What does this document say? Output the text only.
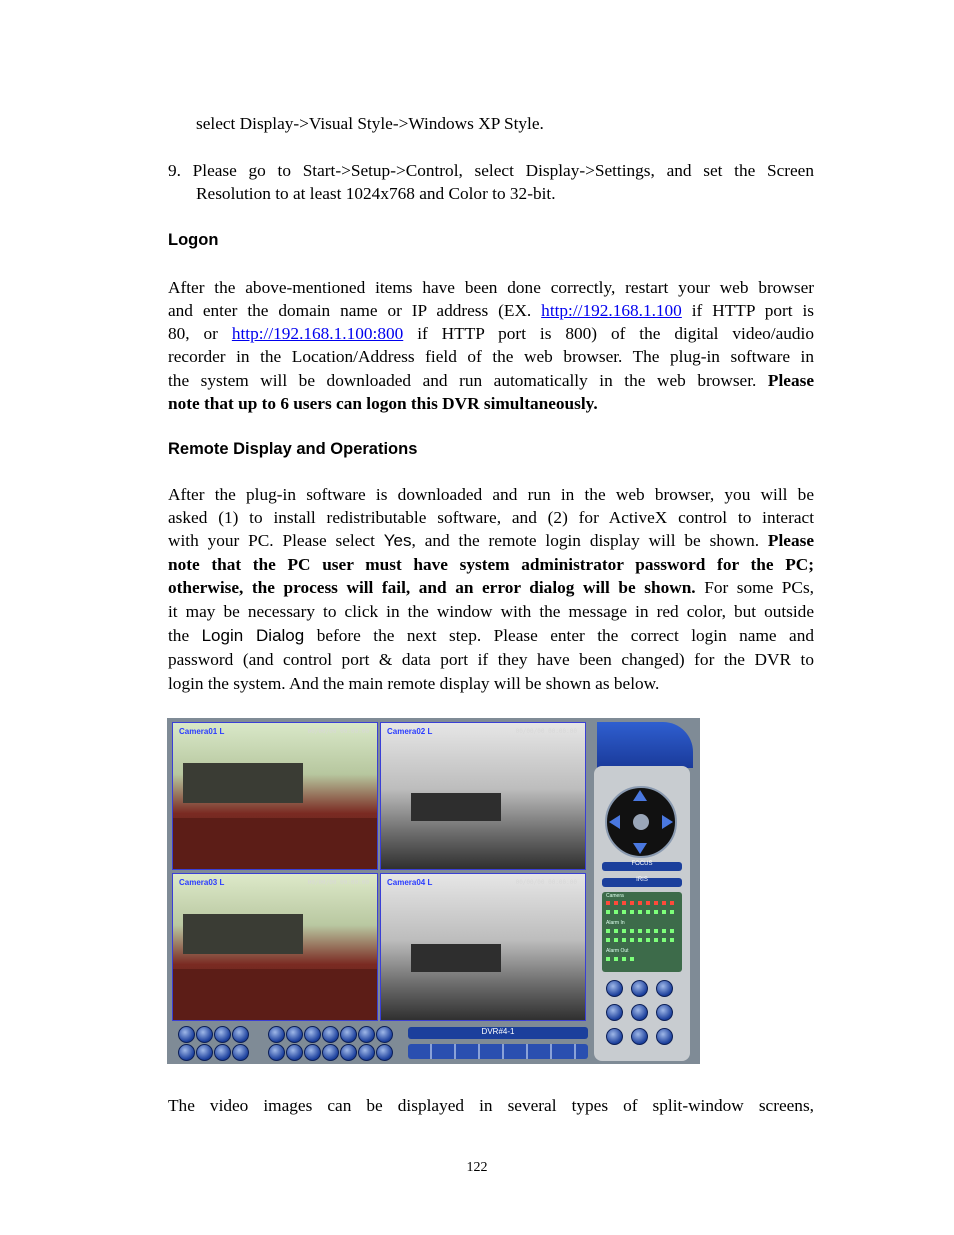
select Display->Visual Style->Windows XP Style.
9. Please go to Start->Setup->Control, select Display->Settings, and set the Screen
Resolution to at least 1024x768 and Color to 32-bit.
Logon
After the above-mentioned items have been done correctly, restart your web browser
and enter the domain name or IP address (EX. http://192.168.1.100 if HTTP port is
80, or http://192.168.1.100:800 if HTTP port is 800) of the digital video/audio
recorder in the Location/Address field of the web browser. The plug-in software in
the system will be downloaded and run automatically in the web browser. Please
note that up to 6 users can logon this DVR simultaneously.
Remote Display and Operations
After the plug-in software is downloaded and run in the web browser, you will be
asked (1) to install redistributable software, and (2) for ActiveX control to interact
with your PC. Please select Yes, and the remote login display will be shown. Please
note that the PC user must have system administrator password for the PC;
otherwise, the process will fail, and an error dialog will be shown. For some PCs,
it may be necessary to click in the window with the message in red color, but outside
the Login Dialog before the next step. Please enter the correct login name and
password (and control port & data port if they have been changed) for the DVR to
login the system. And the main remote display will be shown as below.
Camera01 L	00/00/00 00:00:00 Camera02 L	00/00/00 00:00:00
Camera03 L	00/00/00 00:00:00 Camera04 L	00/00/00 00:00:00
FOCUS
IRIS
Camera
Alarm In
Alarm Out
DVR#4-1
The video images can be displayed in several types of split-window screens,
122
